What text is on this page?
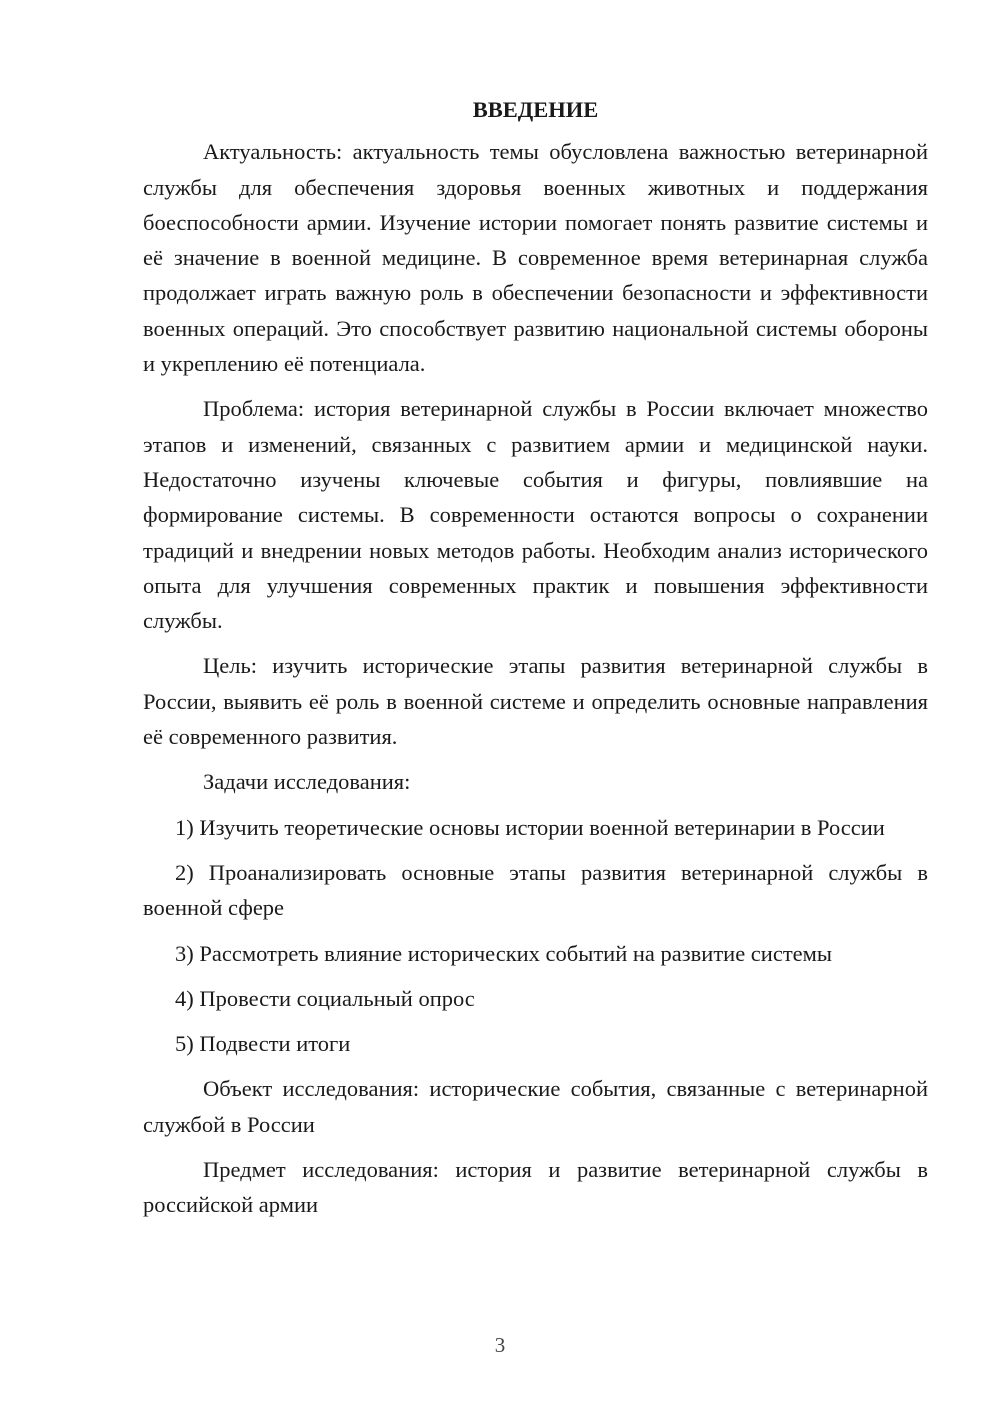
ВВЕДЕНИЕ

Актуальность: актуальность темы обусловлена важностью ветеринарной службы для обеспечения здоровья военных животных и поддержания боеспособности армии. Изучение истории помогает понять развитие системы и её значение в военной медицине. В современное время ветеринарная служба продолжает играть важную роль в обеспечении безопасности и эффективности военных операций. Это способствует развитию национальной системы обороны и укреплению её потенциала.

Проблема: история ветеринарной службы в России включает множество этапов и изменений, связанных с развитием армии и медицинской науки. Недостаточно изучены ключевые события и фигуры, повлиявшие на формирование системы. В современности остаются вопросы о сохранении традиций и внедрении новых методов работы. Необходим анализ исторического опыта для улучшения современных практик и повышения эффективности службы.

Цель: изучить исторические этапы развития ветеринарной службы в России, выявить её роль в военной системе и определить основные направления её современного развития.

Задачи исследования:

1) Изучить теоретические основы истории военной ветеринарии в России

2) Проанализировать основные этапы развития ветеринарной службы в военной сфере

3) Рассмотреть влияние исторических событий на развитие системы

4) Провести социальный опрос

5) Подвести итоги

Объект исследования: исторические события, связанные с ветеринарной службой в России

Предмет исследования: история и развитие ветеринарной службы в российской армии

3
